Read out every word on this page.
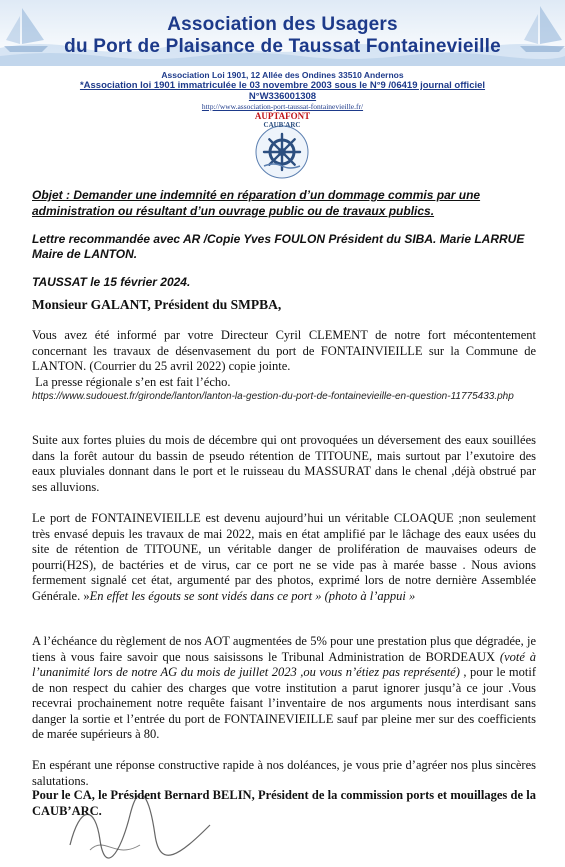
Association des Usagers
du Port de Plaisance de Taussat Fontainevieille
Association Loi 1901, 12 Allée des Ondines 33510 Andernos
*Association loi 1901 immatriculée le 03 novembre 2003 sous le N°9 /06419 journal officiel
N°W336001308
http://www.association-port-taussat-fontainevieille.fr/
AUPTAFONT
CAUB'ARC
Objet : Demander une indemnité en réparation d’un dommage commis par une administration ou résultant d’un ouvrage public ou de travaux publics.
Lettre recommandée avec AR /Copie Yves FOULON Président du SIBA. Marie LARRUE Maire de LANTON.
TAUSSAT le 15 février 2024.
Monsieur GALANT, Président du SMPBA,
Vous avez été informé par votre Directeur Cyril CLEMENT de notre fort mécontentement concernant les travaux de désenvasement du port de FONTAINVIEILLE sur la Commune de LANTON. (Courrier du 25 avril 2022) copie jointe.
La presse régionale s’en est fait l’écho.
https://www.sudouest.fr/gironde/lanton/lanton-la-gestion-du-port-de-fontainevieille-en-question-11775433.php
Suite aux fortes pluies du mois de décembre qui ont provoquées un déversement des eaux souillées dans la forêt autour du bassin de pseudo rétention de TITOUNE, mais surtout par l’exutoire des eaux pluviales donnant dans le port et le ruisseau du MASSURAT dans le chenal ,déjà obstrué par ses alluvions.
Le port de FONTAINEVIEILLE est devenu aujourd’hui un véritable CLOAQUE ;non seulement très envasé depuis les travaux de mai 2022, mais en état amplifié par le lâchage des eaux usées du site de rétention de TITOUNE, un véritable danger de prolifération de mauvaises odeurs de pourri(H2S), de bactéries et de virus, car ce port ne se vide pas à marée basse . Nous avions fermement signalé cet état, argumenté par des photos, exprimé lors de notre dernière Assemblée Générale. »En effet les égouts se sont vidés dans ce port » (photo à l’appui »
A l’échéance du règlement de nos AOT augmentées de 5% pour une prestation plus que dégradée, je tiens à vous faire savoir que nous saisissons le Tribunal Administration de BORDEAUX (voté à l’unanimité lors de notre AG du mois de juillet 2023 ,ou vous n’étiez pas représenté) , pour le motif de non respect du cahier des charges que votre institution a parut ignorer jusqu’à ce jour .Vous recevrai prochainement notre requête faisant l’inventaire de nos arguments nous interdisant sans danger la sortie et l’entrée du port de FONTAINEVIEILLE sauf par pleine mer sur des coefficients de marée supérieurs à 80.
En espérant une réponse constructive rapide à nos doléances, je vous prie d’agréer nos plus sincères salutations.
Pour le CA, le Président Bernard BELIN, Président de la commission ports et mouillages de la CAUB’ARC.
